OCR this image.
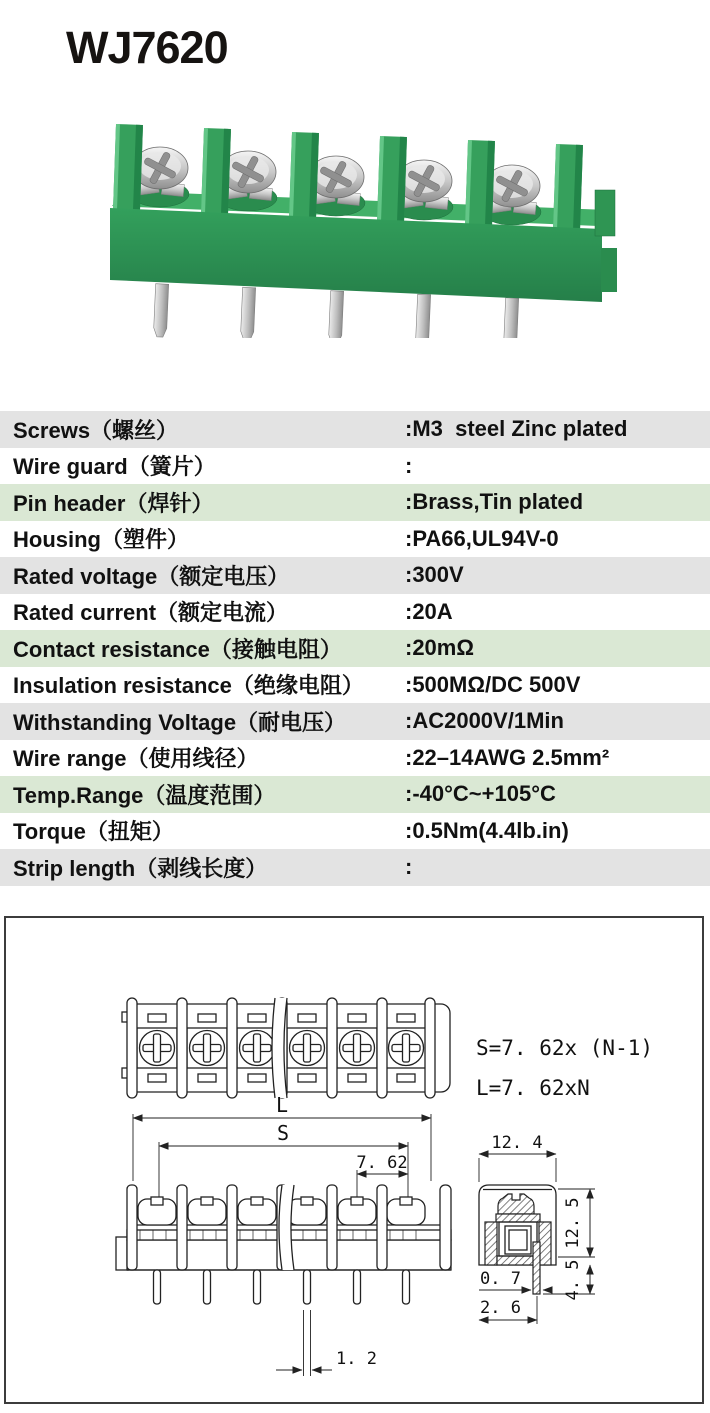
WJ7620
Screws（螺丝）	:M3  steel Zinc plated
Wire guard（簧片）	:
Pin header（焊针）	:Brass,Tin plated
Housing（塑件）	:PA66,UL94V-0
Rated voltage（额定电压）	:300V
Rated current（额定电流）	:20A
Contact resistance（接触电阻）	:20mΩ
Insulation resistance（绝缘电阻）	:500MΩ/DC 500V
Withstanding Voltage（耐电压）	:AC2000V/1Min
Wire range（使用线径）	:22–14AWG 2.5mm²
Temp.Range（温度范围）	:-40°C~+105°C
Torque（扭矩）	:0.5Nm(4.4lb.in)
Strip length（剥线长度）	:
S=7. 62x (N-1)
L=7. 62xN
L
S
7. 62
1. 2
12. 4
12. 5
4. 5
0. 7
2. 6
